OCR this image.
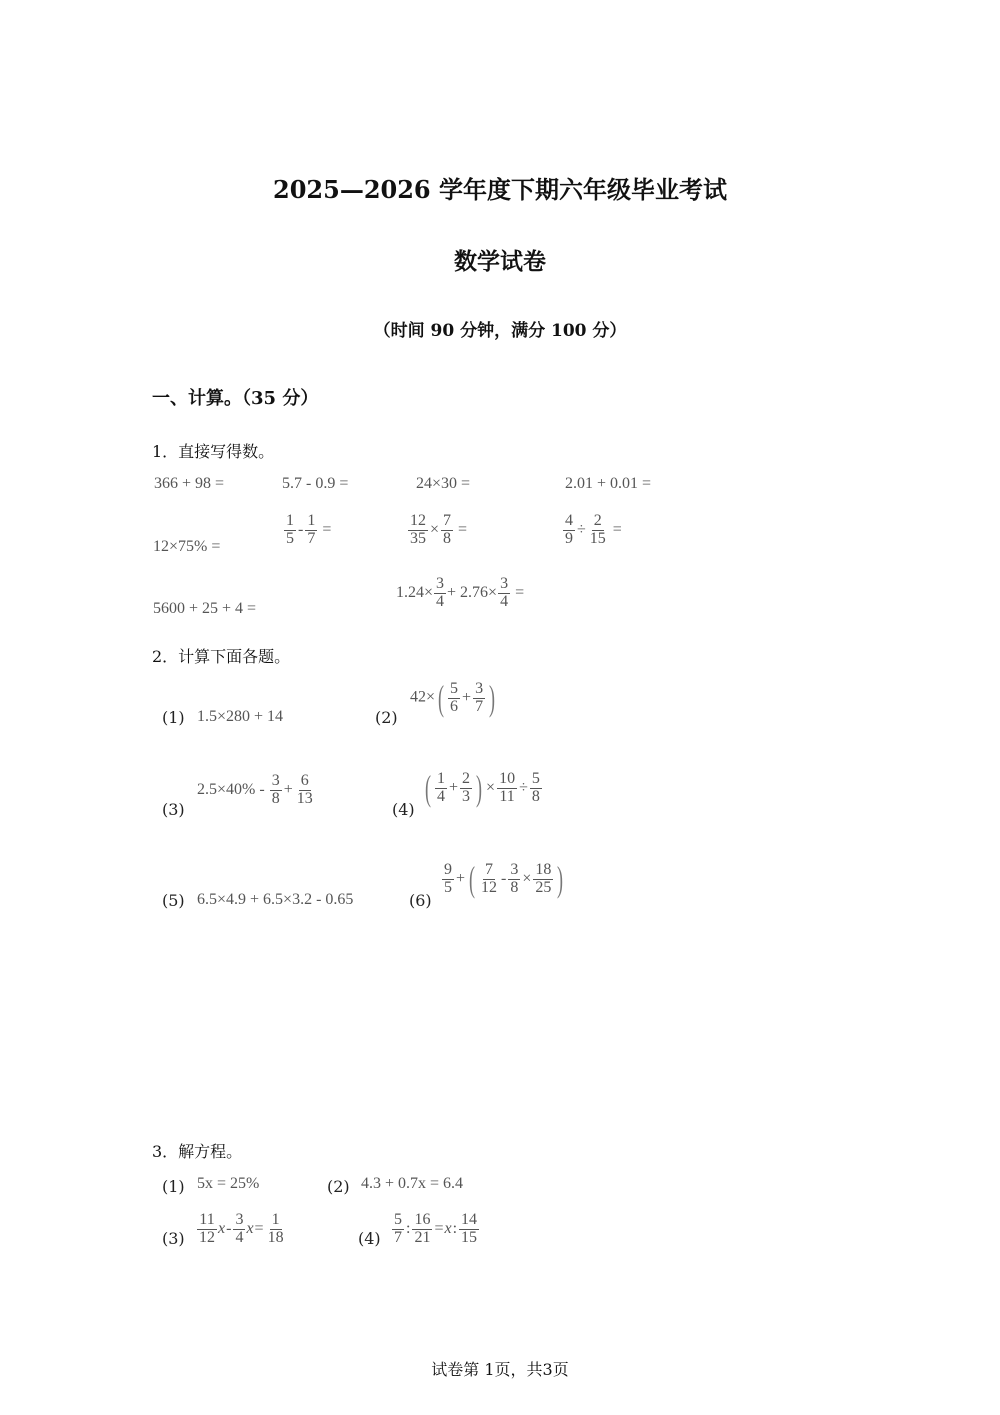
2025—2026 学年度下期六年级毕业考试
数学试卷
（时间 90 分钟，满分 100 分）
一、计算。（35 分）
1．直接写得数。
366 + 98 =	5.7 - 0.9 =	24×30 =	2.01 + 0.01 =
12×75% =	$\frac{1}{5} - \frac{1}{7}$ =	$\frac{12}{35} \times \frac{7}{8}$ =	$\frac{4}{9} \div \frac{2}{15}$ =
5600 + 25 + 4 =
$1.24\times \frac{3}{4} + 2.76\times \frac{3}{4}$ =
2．计算下面各题。
(1) 1.5×280 + 14	(2)
$42\times( \frac{5}{6} + \frac{3}{7}$ )
(3)
$2.5\times 40\% - \frac{3}{8} + \frac{6}{13}$
(4)
( $\frac{1}{4} + \frac{2}{3}$ ) × $\frac{10}{11} \div \frac{5}{8}$
(5) 6.5×4.9 + 6.5×3.2 - 0.65	(6)
$\frac{9}{5}$ + ( $\frac{7}{12} - \frac{3}{8} \times \frac{18}{25}$ )
3．解方程。
(1) 5x = 25%	(2) 4.3 + 0.7x = 6.4
$(3) \frac{11}{12} x- \frac{3}{4} x= \frac{1}{18}$	$(4) \frac{5}{7}$ : $\frac{16}{21} =x$: $\frac{14}{15}$
试卷第 1页，共3页
